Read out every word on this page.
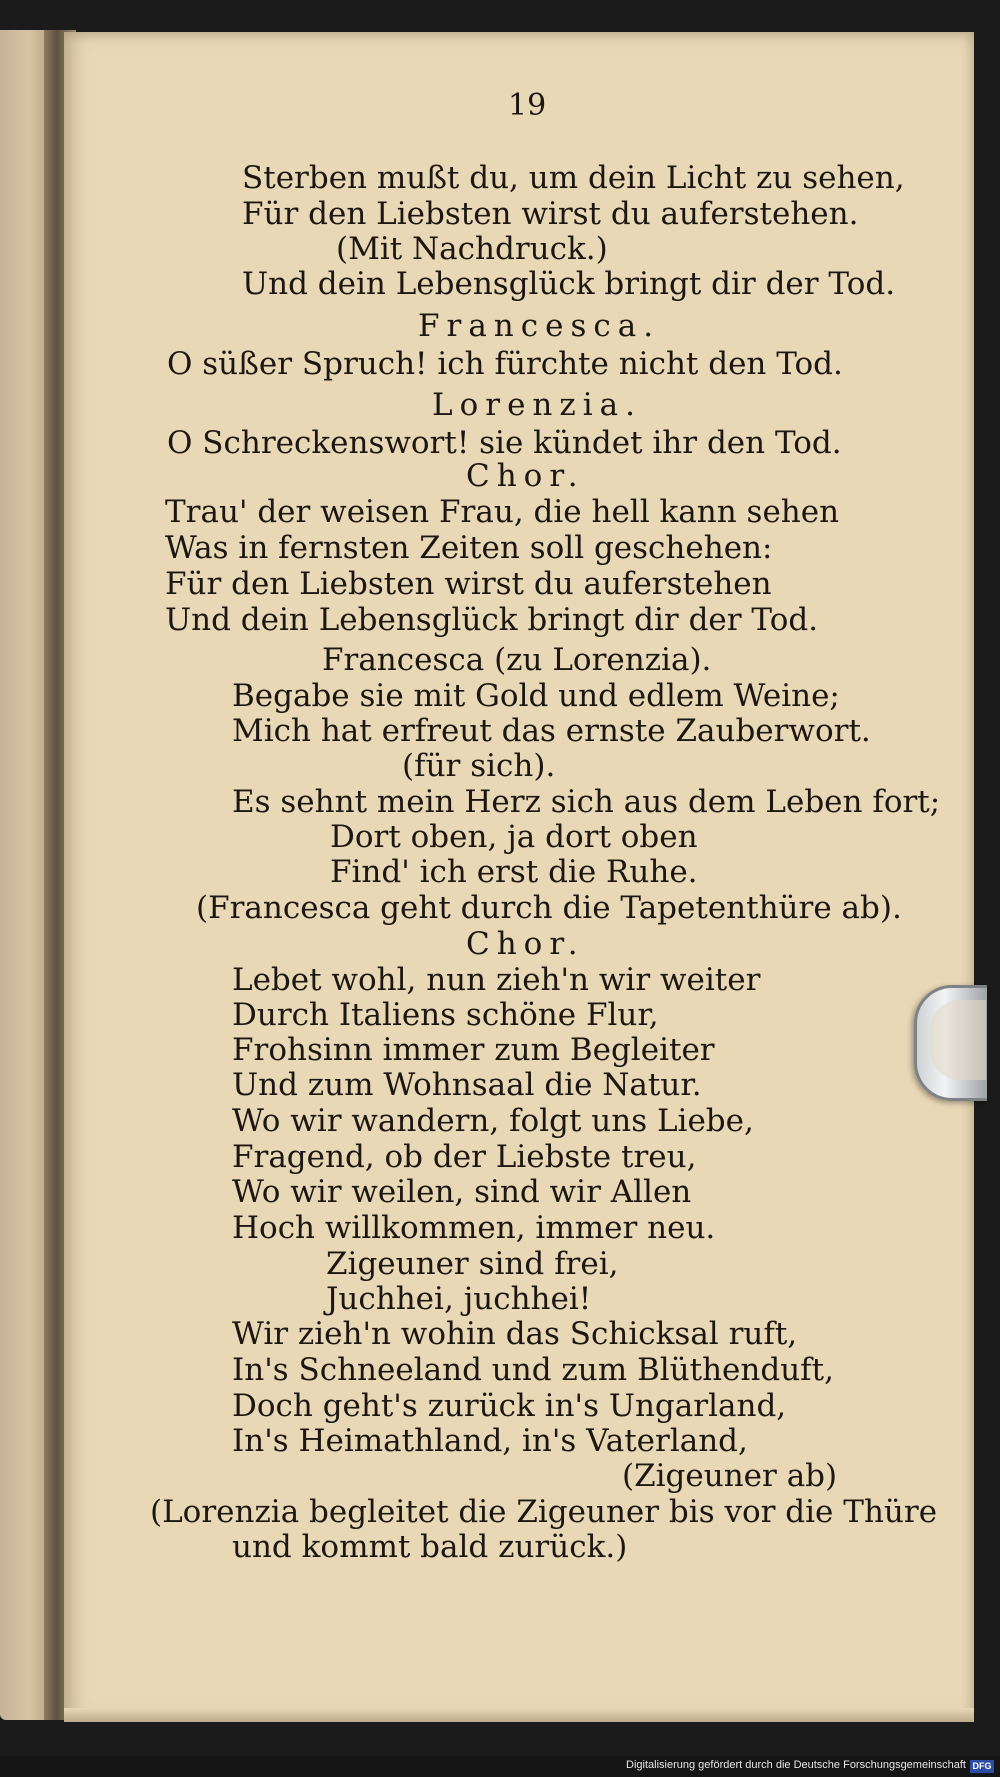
19
Sterben mußt du, um dein Licht zu sehen,
Für den Liebsten wirst du auferstehen.
(Mit Nachdruck.)
Und dein Lebensglück bringt dir der Tod.
Francesca.
O süßer Spruch! ich fürchte nicht den Tod.
Lorenzia.
O Schreckenswort! sie kündet ihr den Tod.
Chor.
Trau' der weisen Frau, die hell kann sehen
Was in fernsten Zeiten soll geschehen:
Für den Liebsten wirst du auferstehen
Und dein Lebensglück bringt dir der Tod.
Francesca (zu Lorenzia).
Begabe sie mit Gold und edlem Weine;
Mich hat erfreut das ernste Zauberwort.
(für sich).
Es sehnt mein Herz sich aus dem Leben fort;
Dort oben, ja dort oben
Find' ich erst die Ruhe.
(Francesca geht durch die Tapetenthüre ab).
Chor.
Lebet wohl, nun zieh'n wir weiter
Durch Italiens schöne Flur,
Frohsinn immer zum Begleiter
Und zum Wohnsaal die Natur.
Wo wir wandern, folgt uns Liebe,
Fragend, ob der Liebste treu,
Wo wir weilen, sind wir Allen
Hoch willkommen, immer neu.
Zigeuner sind frei,
Juchhei, juchhei!
Wir zieh'n wohin das Schicksal ruft,
In's Schneeland und zum Blüthenduft,
Doch geht's zurück in's Ungarland,
In's Heimathland, in's Vaterland,
(Zigeuner ab)
(Lorenzia begleitet die Zigeuner bis vor die Thüre
und kommt bald zurück.)
Digitalisierung gefördert durch die Deutsche Forschungsgemeinschaft DFG
